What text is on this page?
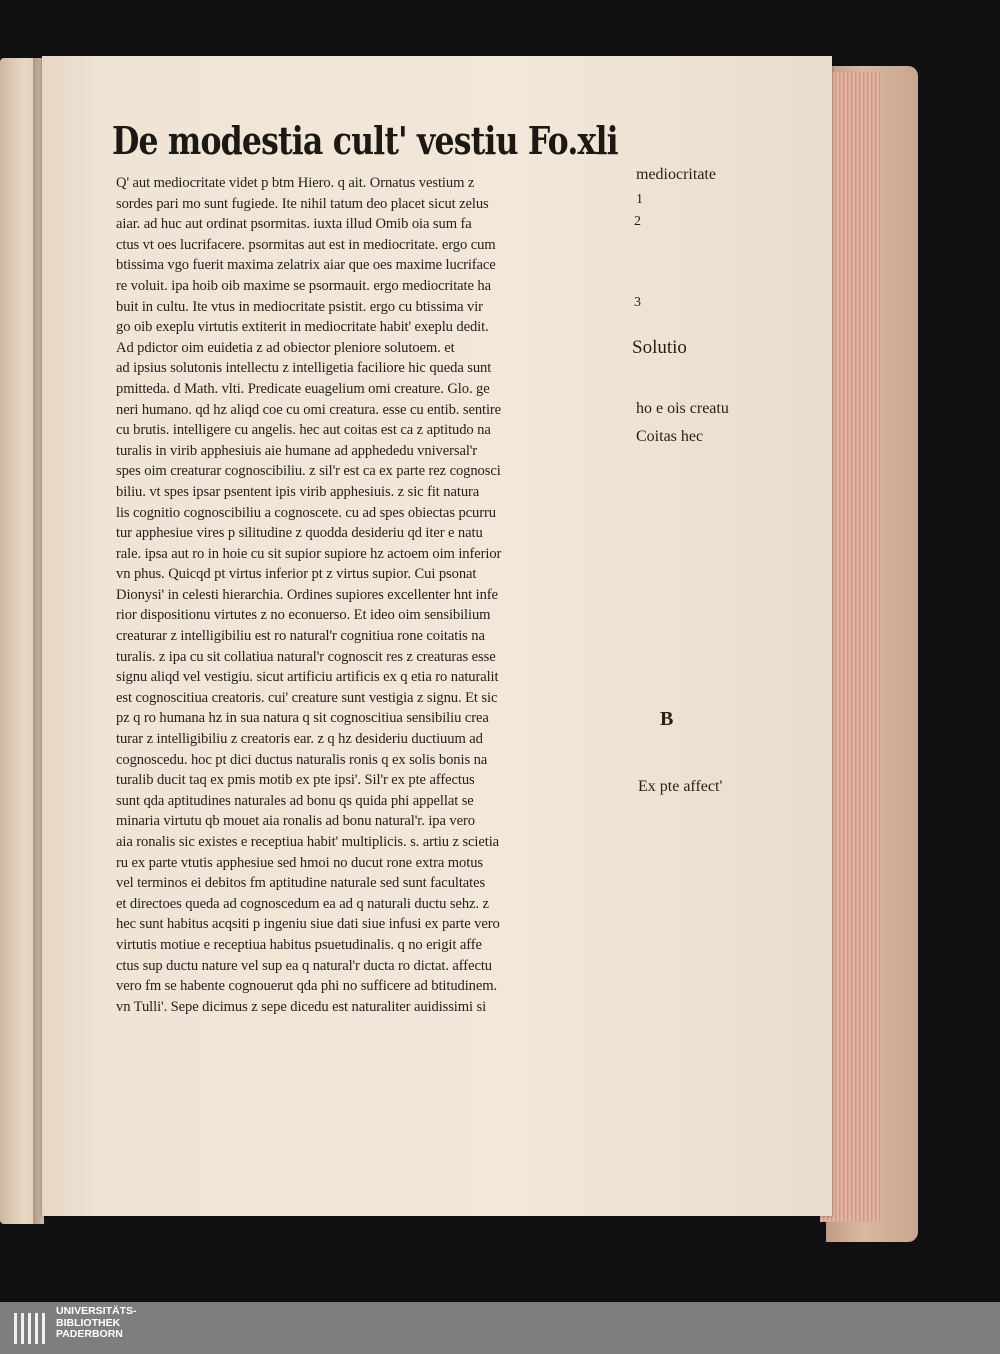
De modestia cult' vestiu Fo.xli
Q' aut mediocritate videt p btm Hiero. q ait. Ornatus vestium z
sordes pari mo sunt fugiede. Ite nihil tatum deo placet sicut zelus
aiar. ad huc aut ordinat psormitas. iuxta illud Omib oia sum fa
ctus vt oes lucrifacere. psormitas aut est in mediocritate. ergo cum
btissima vgo fuerit maxima zelatrix aiar que oes maxime lucriface
re voluit. ipa hoib oib maxime se psormauit. ergo mediocritate ha
buit in cultu. Ite vtus in mediocritate psistit. ergo cu btissima vir
go oib exeplu virtutis extiterit in mediocritate habit' exeplu dedit.
Ad pdictor oim euidetia z ad obiector pleniore solutoem. et
ad ipsius solutonis intellectu z intelligetia faciliore hic queda sunt
pmitteda. d Math. vlti. Predicate euagelium omi creature. Glo. ge
neri humano. qd hz aliqd coe cu omi creatura. esse cu entib. sentire
cu brutis. intelligere cu angelis. hec aut coitas est ca z aptitudo na
turalis in virib apphesiuis aie humane ad apphededu vniversal'r
spes oim creaturar cognoscibiliu. z sil'r est ca ex parte rez cognosci
biliu. vt spes ipsar psentent ipis virib apphesiuis. z sic fit natura
lis cognitio cognoscibiliu a cognoscete. cu ad spes obiectas pcurru
tur apphesiue vires p silitudine z quodda desideriu qd iter e natu
rale. ipsa aut ro in hoie cu sit supior supiore hz actoem oim inferior
vn phus. Quicqd pt virtus inferior pt z virtus supior. Cui psonat
Dionysi' in celesti hierarchia. Ordines supiores excellenter hnt infe
rior dispositionu virtutes z no econuerso. Et ideo oim sensibilium
creaturar z intelligibiliu est ro natural'r cognitiua rone coitatis na
turalis. z ipa cu sit collatiua natural'r cognoscit res z creaturas esse
signu aliqd vel vestigiu. sicut artificiu artificis ex q etia ro naturalit
est cognoscitiua creatoris. cui' creature sunt vestigia z signu. Et sic
pz q ro humana hz in sua natura q sit cognoscitiua sensibiliu crea
turar z intelligibiliu z creatoris ear. z q hz desideriu ductiuum ad
cognoscedu. hoc pt dici ductus naturalis ronis q ex solis bonis na
turalib ducit taq ex pmis motib ex pte ipsi'. Sil'r ex pte affectus
sunt qda aptitudines naturales ad bonu qs quida phi appellat se
minaria virtutu qb mouet aia ronalis ad bonu natural'r. ipa vero
aia ronalis sic existes e receptiua habit' multiplicis. s. artiu z scietia
ru ex parte vtutis apphesiue sed hmoi no ducut rone extra motus
vel terminos ei debitos fm aptitudine naturale sed sunt facultates
et directoes queda ad cognoscedum ea ad q naturali ductu sehz. z
hec sunt habitus acqsiti p ingeniu siue dati siue infusi ex parte vero
virtutis motiue e receptiua habitus psuetudinalis. q no erigit affe
ctus sup ductu nature vel sup ea q natural'r ducta ro dictat. affectu
vero fm se habente cognouerut qda phi no sufficere ad btitudinem.
vn Tulli'. Sepe dicimus z sepe dicedu est naturaliter auidissimi si
mediocritate
1
2
3
Solutio
ho e ois creatu
Coitas hec
B
Ex pte affect'
UNIVERSITÄTS-
BIBLIOTHEK
PADERBORN
